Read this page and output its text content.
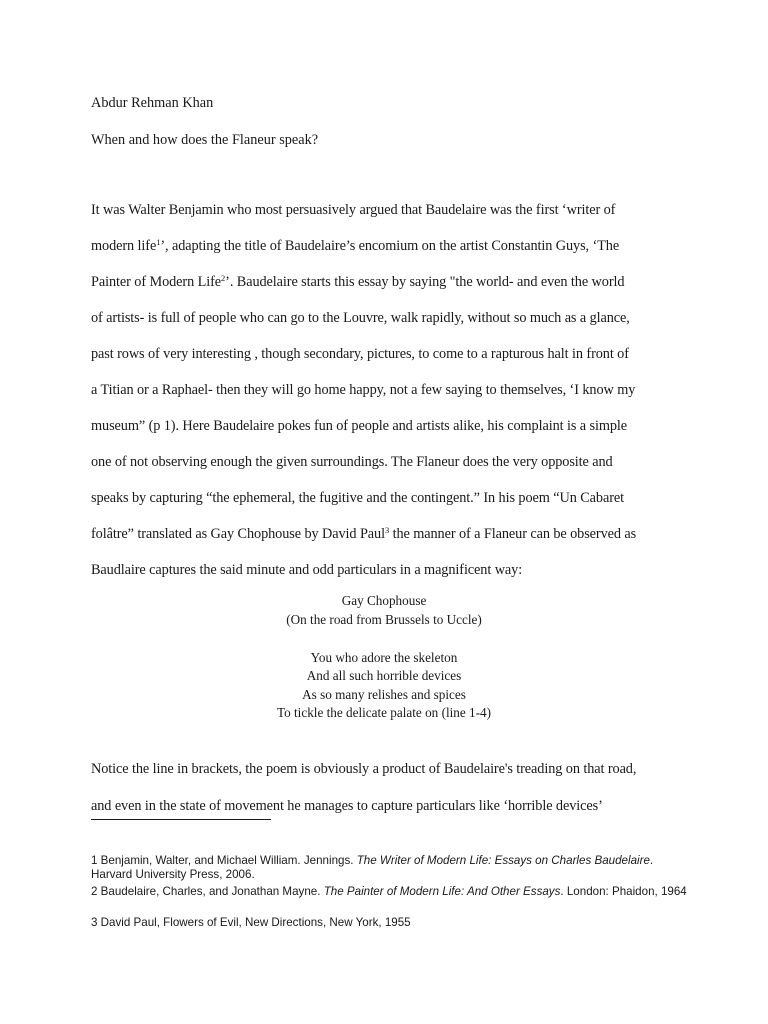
Abdur Rehman Khan
When and how does the Flaneur speak?
It was Walter Benjamin who most persuasively argued that Baudelaire was the first ‘writer of
modern life$^1$’, adapting the title of Baudelaire’s encomium on the artist Constantin Guys, ‘The
Painter of Modern Life$^2$’. Baudelaire starts this essay by saying "the world- and even the world
of artists- is full of people who can go to the Louvre, walk rapidly, without so much as a glance,
past rows of very interesting , though secondary, pictures, to come to a rapturous halt in front of
a Titian or a Raphael- then they will go home happy, not a few saying to themselves, ‘I know my
museum” (p 1). Here Baudelaire pokes fun of people and artists alike, his complaint is a simple
one of not observing enough the given surroundings. The Flaneur does the very opposite and
speaks by capturing “the ephemeral, the fugitive and the contingent.” In his poem “Un Cabaret
folâtre” translated as Gay Chophouse by David Paul$^3$ the manner of a Flaneur can be observed as
Baudlaire captures the said minute and odd particulars in a magnificent way:
Gay Chophouse
(On the road from Brussels to Uccle)
You who adore the skeleton
And all such horrible devices
As so many relishes and spices
To tickle the delicate palate on (line 1-4)
Notice the line in brackets, the poem is obviously a product of Baudelaire's treading on that road,
and even in the state of movement he manages to capture particulars like ‘horrible devices’
1 Benjamin, Walter, and Michael William. Jennings. The Writer of Modern Life: Essays on Charles Baudelaire. Harvard University Press, 2006.
2 Baudelaire, Charles, and Jonathan Mayne. The Painter of Modern Life: And Other Essays. London: Phaidon, 1964
3 David Paul, Flowers of Evil, New Directions, New York, 1955
